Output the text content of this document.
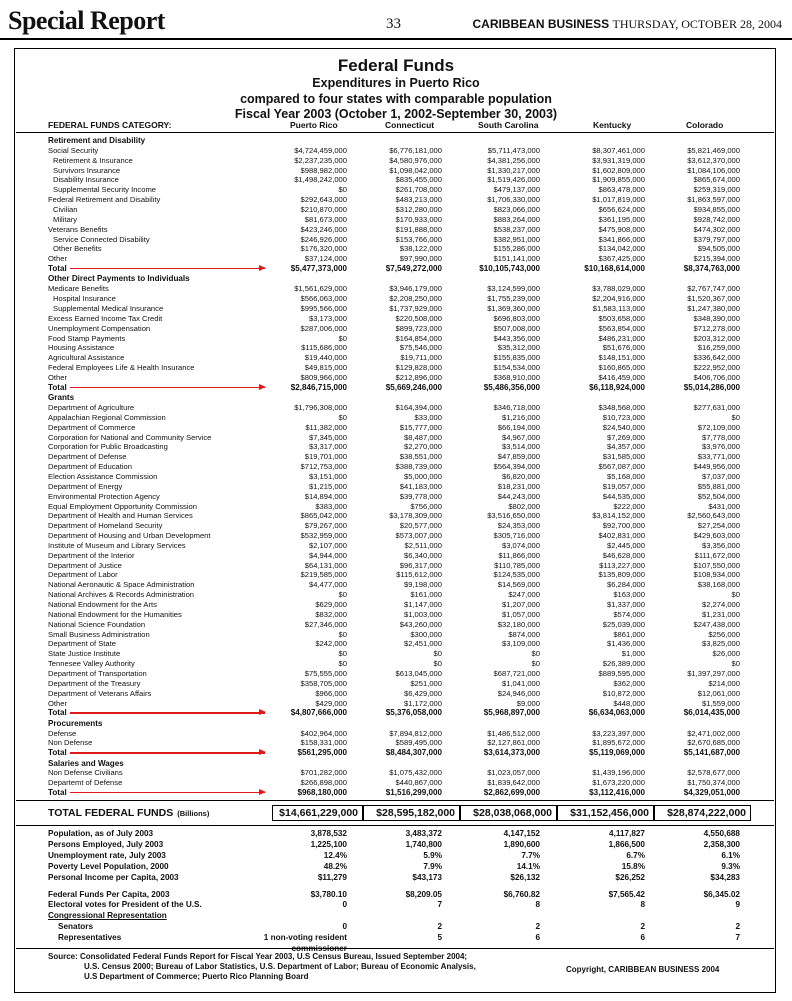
Special Report	33	CARIBBEAN BUSINESS THURSDAY, OCTOBER 28, 2004
Federal Funds
Expenditures in Puerto Rico
compared to four states with comparable population
Fiscal Year 2003 (October 1, 2002-September 30, 2003)
FEDERAL FUNDS CATEGORY:	Puerto Rico	Connecticut	South Carolina	Kentucky	Colorado
Retirement and Disability
Social Security	$4,724,459,000	$6,776,181,000	$5,711,473,000	$8,307,461,000	$5,821,469,000
Retirement & Insurance	$2,237,235,000	$4,580,976,000	$4,381,256,000	$3,931,319,000	$3,612,370,000
Survivors Insurance	$988,982,000	$1,098,042,000	$1,330,217,000	$1,602,809,000	$1,084,106,000
Disability Insurance	$1,498,242,000	$835,455,000	$1,519,426,000	$1,909,855,000	$865,674,000
Supplemental Security Income	$0	$261,708,000	$479,137,000	$863,478,000	$259,319,000
Federal Retirement and Disability	$292,643,000	$483,213,000	$1,706,330,000	$1,017,819,000	$1,863,597,000
Civilian	$210,870,000	$312,280,000	$823,066,000	$656,624,000	$934,855,000
Military	$81,673,000	$170,933,000	$883,264,000	$361,195,000	$928,742,000
Veterans Benefits	$423,246,000	$191,888,000	$538,237,000	$475,908,000	$474,302,000
Service Connected Disability	$246,926,000	$153,766,000	$382,951,000	$341,866,000	$379,797,000
Other Benefits	$176,320,000	$38,122,000	$155,286,000	$134,042,000	$94,505,000
Other	$37,124,000	$97,990,000	$151,141,000	$367,425,000	$215,394,000
Total	$5,477,373,000	$7,549,272,000	$10,105,743,000	$10,168,614,000	$8,374,763,000
Other Direct Payments to Individuals
Medicare Benefits	$1,561,629,000	$3,946,179,000	$3,124,599,000	$3,788,029,000	$2,767,747,000
Hospital Insurance	$566,063,000	$2,208,250,000	$1,755,239,000	$2,204,916,000	$1,520,367,000
Supplemental Medical Insurance	$995,566,000	$1,737,929,000	$1,369,360,000	$1,583,113,000	$1,247,380,000
Excess Earned Income Tax Credit	$3,173,000	$220,508,000	$696,803,000	$503,658,000	$348,390,000
Unemployment Compensation	$287,006,000	$899,723,000	$507,008,000	$563,854,000	$712,278,000
Food Stamp Payments	$0	$164,854,000	$443,356,000	$486,231,000	$203,312,000
Housing Assistance	$115,686,000	$75,546,000	$35,312,000	$51,676,000	$16,259,000
Agricultural Assistance	$19,440,000	$19,711,000	$155,835,000	$148,151,000	$336,642,000
Federal Employees Life & Health Insurance	$49,815,000	$129,828,000	$154,534,000	$160,865,000	$222,952,000
Other	$809,966,000	$212,896,000	$368,910,000	$416,459,000	$406,706,000
Total	$2,846,715,000	$5,669,246,000	$5,486,356,000	$6,118,924,000	$5,014,286,000
Grants
Department of Agriculture	$1,796,308,000	$164,394,000	$346,718,000	$348,568,000	$277,631,000
Appalachian Regional Commission	$0	$33,000	$1,216,000	$10,723,000	$0
Department of Commerce	$11,382,000	$15,777,000	$66,194,000	$24,540,000	$72,109,000
Corporation for National and Community Service	$7,345,000	$8,487,000	$4,967,000	$7,269,000	$7,778,000
Corporation for Public Broadcasting	$3,317,000	$2,270,000	$3,514,000	$4,357,000	$3,976,000
Department of Defense	$19,701,000	$38,551,000	$47,859,000	$31,585,000	$33,771,000
Department of Education	$712,753,000	$388,739,000	$564,394,000	$567,087,000	$449,956,000
Election Assistance Commission	$3,151,000	$5,000,000	$6,820,000	$5,168,000	$7,037,000
Department of Energy	$1,215,000	$41,183,000	$18,231,000	$19,057,000	$55,881,000
Environmental Protection Agency	$14,894,000	$39,778,000	$44,243,000	$44,535,000	$52,504,000
Equal Employment Opportunity Commission	$383,000	$756,000	$802,000	$222,000	$431,000
Department of Health and Human Services	$865,042,000	$3,178,309,000	$3,516,650,000	$3,814,152,000	$2,560,643,000
Department of Homeland Security	$79,267,000	$20,577,000	$24,353,000	$92,700,000	$27,254,000
Department of Housing and Urban Development	$532,959,000	$573,007,000	$305,716,000	$402,831,000	$429,603,000
Institute of Museum and Library Services	$2,107,000	$2,511,000	$3,074,000	$2,445,000	$3,356,000
Department of the Interior	$4,944,000	$6,340,000	$11,866,000	$46,628,000	$111,672,000
Department of Justice	$64,131,000	$96,317,000	$110,785,000	$113,227,000	$107,550,000
Department of Labor	$219,585,000	$115,612,000	$124,535,000	$135,809,000	$108,934,000
National Aeronautic & Space Administration	$4,477,000	$9,198,000	$14,569,000	$6,284,000	$38,168,000
National Archives & Records Administration	$0	$161,000	$247,000	$163,000	$0
National Endowment for the Arts	$629,000	$1,147,000	$1,207,000	$1,337,000	$2,274,000
National Endowment for the Humanities	$832,000	$1,003,000	$1,057,000	$574,000	$1,231,000
National Science Foundation	$27,346,000	$43,260,000	$32,180,000	$25,039,000	$247,438,000
Small Business Administration	$0	$300,000	$874,000	$861,000	$256,000
Department of State	$242,000	$2,451,000	$3,109,000	$1,436,000	$3,825,000
State Justice Institute	$0	$0	$0	$1,000	$26,000
Tennesee Valley Authority	$0	$0	$0	$26,389,000	$0
Department of Transportation	$75,555,000	$613,045,000	$687,721,000	$889,595,000	$1,397,297,000
Department of the Treasury	$358,705,000	$251,000	$1,041,000	$362,000	$214,000
Department of Veterans Affairs	$966,000	$6,429,000	$24,946,000	$10,872,000	$12,061,000
Other	$429,000	$1,172,000	$9,000	$448,000	$1,559,000
Total	$4,807,666,000	$5,376,058,000	$5,968,897,000	$6,634,063,000	$6,014,435,000
Procurements
Defense	$402,964,000	$7,894,812,000	$1,486,512,000	$3,223,397,000	$2,471,002,000
Non Defense	$158,331,000	$589,495,000	$2,127,861,000	$1,895,672,000	$2,670,685,000
Total	$561,295,000	$8,484,307,000	$3,614,373,000	$5,119,069,000	$5,141,687,000
Salaries and Wages
Non Defense Civilians	$701,282,000	$1,075,432,000	$1,023,057,000	$1,439,196,000	$2,578,677,000
Departemt of Defense	$266,898,000	$440,867,000	$1,839,642,000	$1,673,220,000	$1,750,374,000
Total	$968,180,000	$1,516,299,000	$2,862,699,000	$3,112,416,000	$4,329,051,000
TOTAL FEDERAL FUNDS (Billions)	$14,661,229,000	$28,595,182,000	$28,038,068,000	$31,152,456,000	$28,874,222,000
Population, as of July 2003	3,878,532	3,483,372	4,147,152	4,117,827	4,550,688
Persons Employed, July 2003	1,225,100	1,740,800	1,890,600	1,866,500	2,358,300
Unemployment rate, July 2003	12.4%	5.9%	7.7%	6.7%	6.1%
Poverty Level Population, 2000	48.2%	7.9%	14.1%	15.8%	9.3%
Personal Income per Capita, 2003	$11,279	$43,173	$26,132	$26,252	$34,283
Federal Funds Per Capita, 2003	$3,780.10	$8,209.05	$6,760.82	$7,565.42	$6,345.02
Electoral votes for President of the U.S.	0	7	8	8	9
Congressional Representation
Senators	0	2	2	2	2
Representatives	1 non-voting resident	5	6	6	7
Source: Consolidated Federal Funds Report for Fiscal Year 2003, U.S Census Bureau, Issued September 2004;
U.S. Census 2000; Bureau of Labor Statistics, U.S. Department of Labor; Bureau of Economic Analysis,
U.S Department of Commerce; Puerto Rico Planning Board
Copyright, CARIBBEAN BUSINESS 2004
